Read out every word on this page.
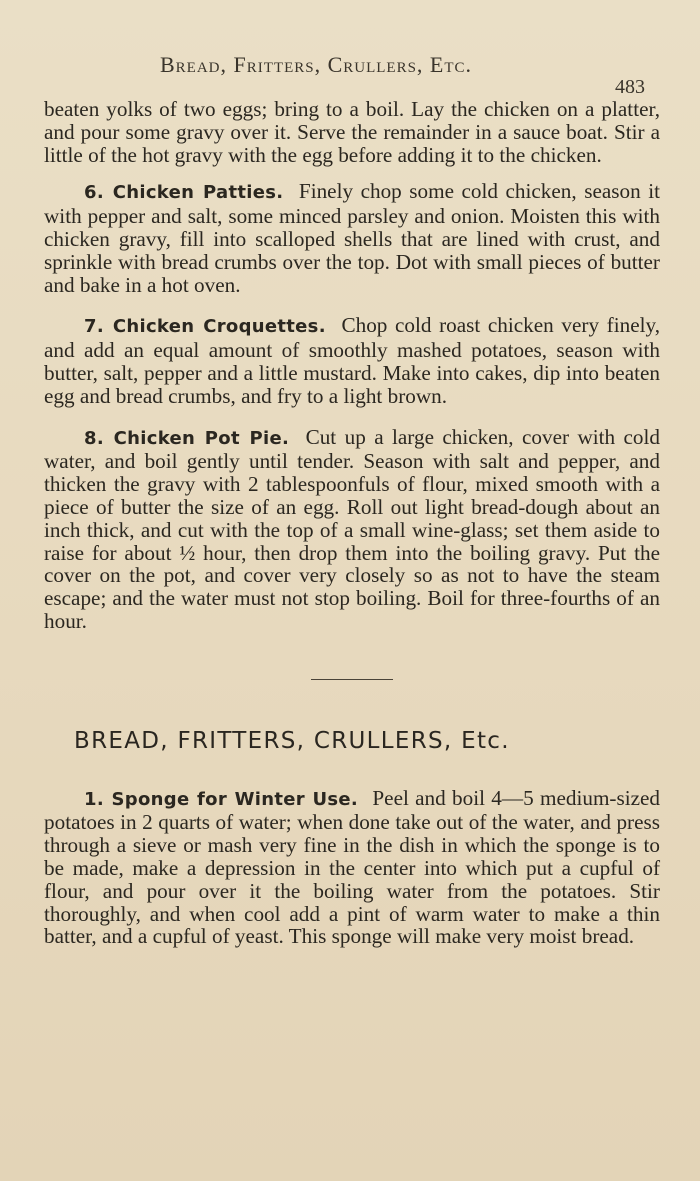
Bread, Fritters, Crullers, Etc.
483

beaten yolks of two eggs; bring to a boil. Lay the chicken on a platter, and pour some gravy over it. Serve the remainder in a sauce boat. Stir a little of the hot gravy with the egg before adding it to the chicken.

6. Chicken Patties. Finely chop some cold chicken, season it with pepper and salt, some minced parsley and onion. Moisten this with chicken gravy, fill into scalloped shells that are lined with crust, and sprinkle with bread crumbs over the top. Dot with small pieces of butter and bake in a hot oven.

7. Chicken Croquettes. Chop cold roast chicken very finely, and add an equal amount of smoothly mashed potatoes, season with butter, salt, pepper and a little mustard. Make into cakes, dip into beaten egg and bread crumbs, and fry to a light brown.

8. Chicken Pot Pie. Cut up a large chicken, cover with cold water, and boil gently until tender. Season with salt and pepper, and thicken the gravy with 2 tablespoonfuls of flour, mixed smooth with a piece of butter the size of an egg. Roll out light bread-dough about an inch thick, and cut with the top of a small wine-glass; set them aside to raise for about ½ hour, then drop them into the boiling gravy. Put the cover on the pot, and cover very closely so as not to have the steam escape; and the water must not stop boiling. Boil for three-fourths of an hour.

BREAD, FRITTERS, CRULLERS, Etc.

1. Sponge for Winter Use. Peel and boil 4—5 medium-sized potatoes in 2 quarts of water; when done take out of the water, and press through a sieve or mash very fine in the dish in which the sponge is to be made, make a depression in the center into which put a cupful of flour, and pour over it the boiling water from the potatoes. Stir thoroughly, and when cool add a pint of warm water to make a thin batter, and a cupful of yeast. This sponge will make very moist bread.
